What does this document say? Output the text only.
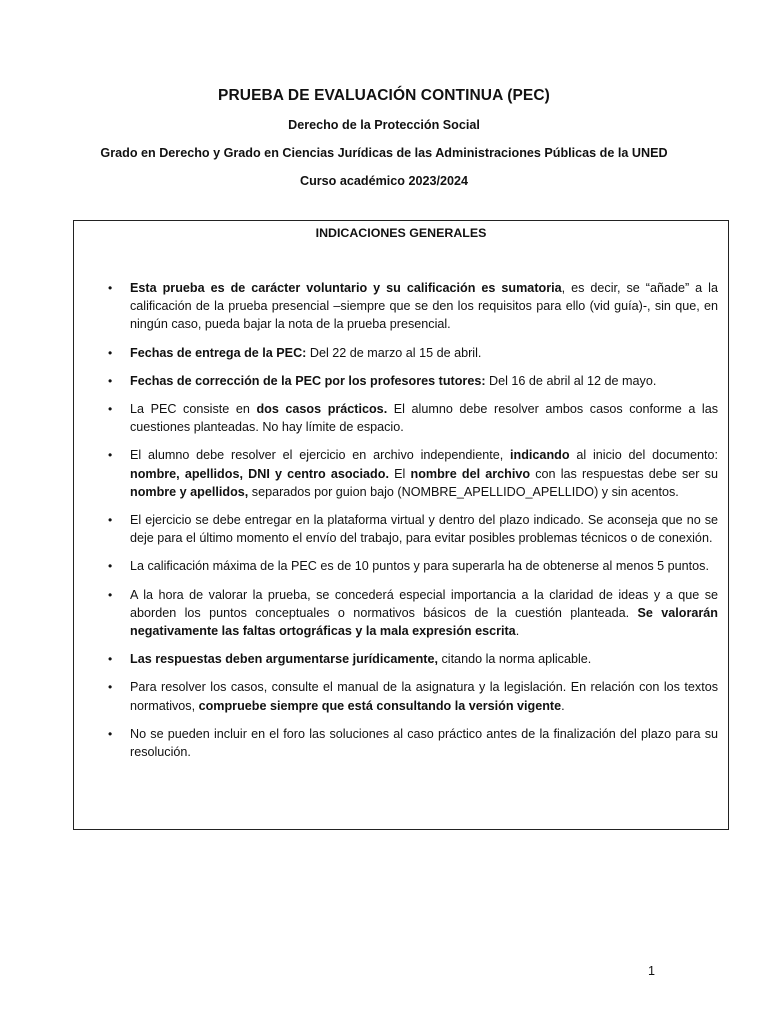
PRUEBA DE EVALUACIÓN CONTINUA (PEC)
Derecho de la Protección Social
Grado en Derecho y Grado en Ciencias Jurídicas de las Administraciones Públicas de la UNED
Curso académico 2023/2024
INDICACIONES GENERALES
• Esta prueba es de carácter voluntario y su calificación es sumatoria, es decir, se “añade” a la calificación de la prueba presencial –siempre que se den los requisitos para ello (vid guía)-, sin que, en ningún caso, pueda bajar la nota de la prueba presencial.
• Fechas de entrega de la PEC: Del 22 de marzo al 15 de abril.
• Fechas de corrección de la PEC por los profesores tutores: Del 16 de abril al 12 de mayo.
• La PEC consiste en dos casos prácticos. El alumno debe resolver ambos casos conforme a las cuestiones planteadas. No hay límite de espacio.
• El alumno debe resolver el ejercicio en archivo independiente, indicando al inicio del documento: nombre, apellidos, DNI y centro asociado. El nombre del archivo con las respuestas debe ser su nombre y apellidos, separados por guion bajo (NOMBRE_APELLIDO_APELLIDO) y sin acentos.
• El ejercicio se debe entregar en la plataforma virtual y dentro del plazo indicado. Se aconseja que no se deje para el último momento el envío del trabajo, para evitar posibles problemas técnicos o de conexión.
• La calificación máxima de la PEC es de 10 puntos y para superarla ha de obtenerse al menos 5 puntos.
• A la hora de valorar la prueba, se concederá especial importancia a la claridad de ideas y a que se aborden los puntos conceptuales o normativos básicos de la cuestión planteada. Se valorarán negativamente las faltas ortográficas y la mala expresión escrita.
• Las respuestas deben argumentarse jurídicamente, citando la norma aplicable.
• Para resolver los casos, consulte el manual de la asignatura y la legislación. En relación con los textos normativos, compruebe siempre que está consultando la versión vigente.
• No se pueden incluir en el foro las soluciones al caso práctico antes de la finalización del plazo para su resolución.
1
